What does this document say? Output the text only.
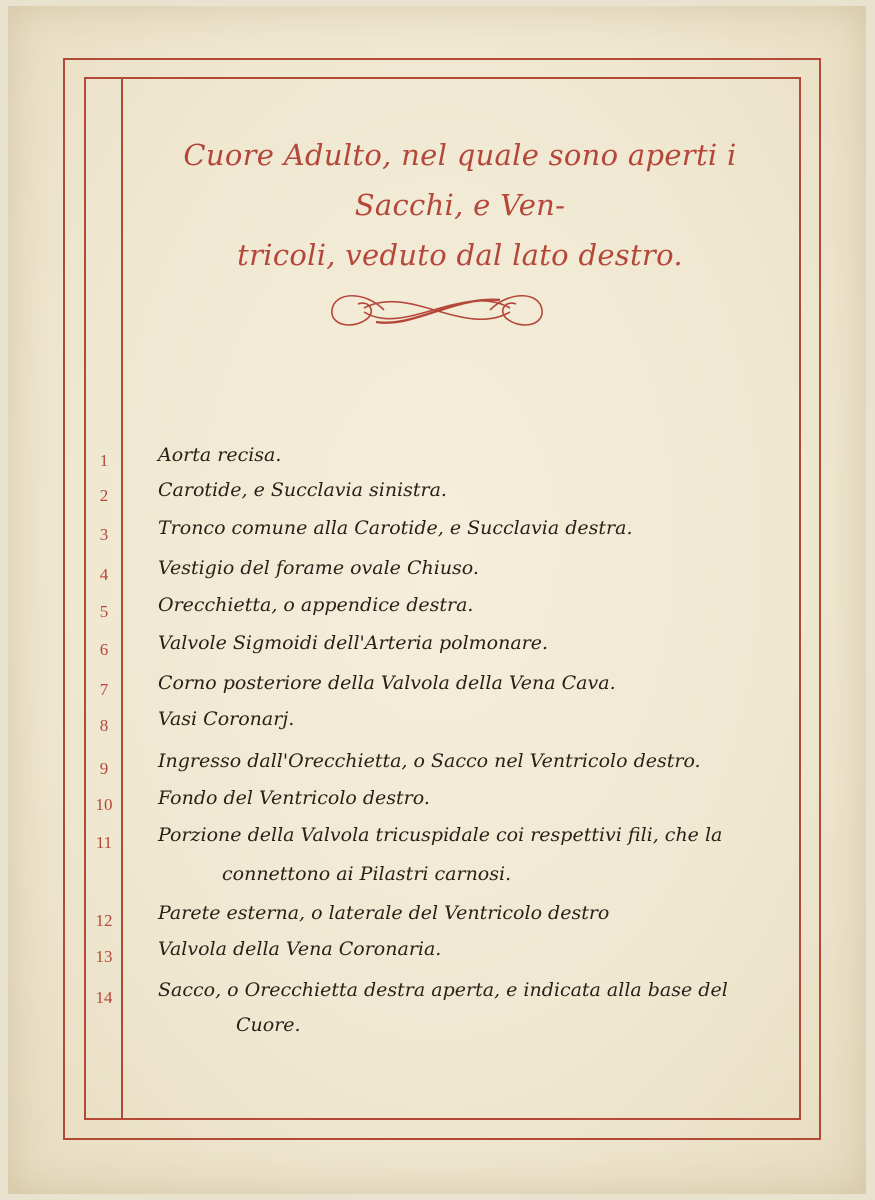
Cuore Adulto, nel quale sono aperti i Sacchi, e Ven-
tricoli, veduto dal lato destro.
1	Aorta recisa.
2	Carotide, e Succlavia sinistra.
3	Tronco comune alla Carotide, e Succlavia destra.
4	Vestigio del forame ovale Chiuso.
5	Orecchietta, o appendice destra.
6	Valvole Sigmoidi dell'Arteria polmonare.
7	Corno posteriore della Valvola della Vena Cava.
8	Vasi Coronarj.
9	Ingresso dall'Orecchietta, o Sacco nel Ventricolo destro.
10 Fondo del Ventricolo destro.
11	Porzione della Valvola tricuspidale coi respettivi fili, che la
connettono ai Pilastri carnosi.
12 Parete esterna, o laterale del Ventricolo destro
13 Valvola della Vena Coronaria.
14 Sacco, o Orecchietta destra aperta, e indicata alla base del
Cuore.
